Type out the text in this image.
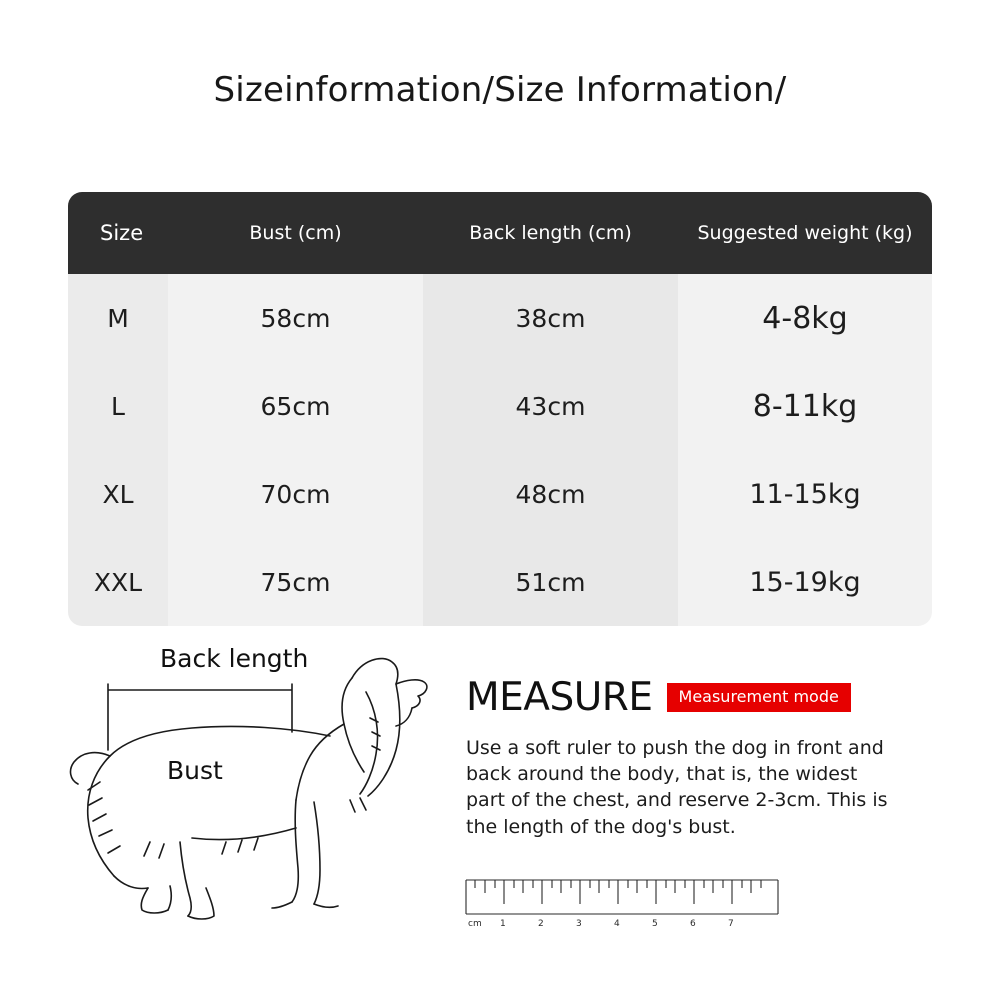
Sizeinformation/Size Information/
Size	Bust (cm)	Back length (cm)	Suggested weight (kg)
M	58cm	38cm	4-8kg
L	65cm	43cm	8-11kg
XL	70cm	48cm	11-15kg
XXL	75cm	51cm	15-19kg
Back length
Bust
MEASURE	Measurement mode
Use a soft ruler to push the dog in front and back around the body, that is, the widest part of the chest, and reserve 2-3cm. This is the length of the dog's bust.
cm 1	2	3	4	5	6	7
